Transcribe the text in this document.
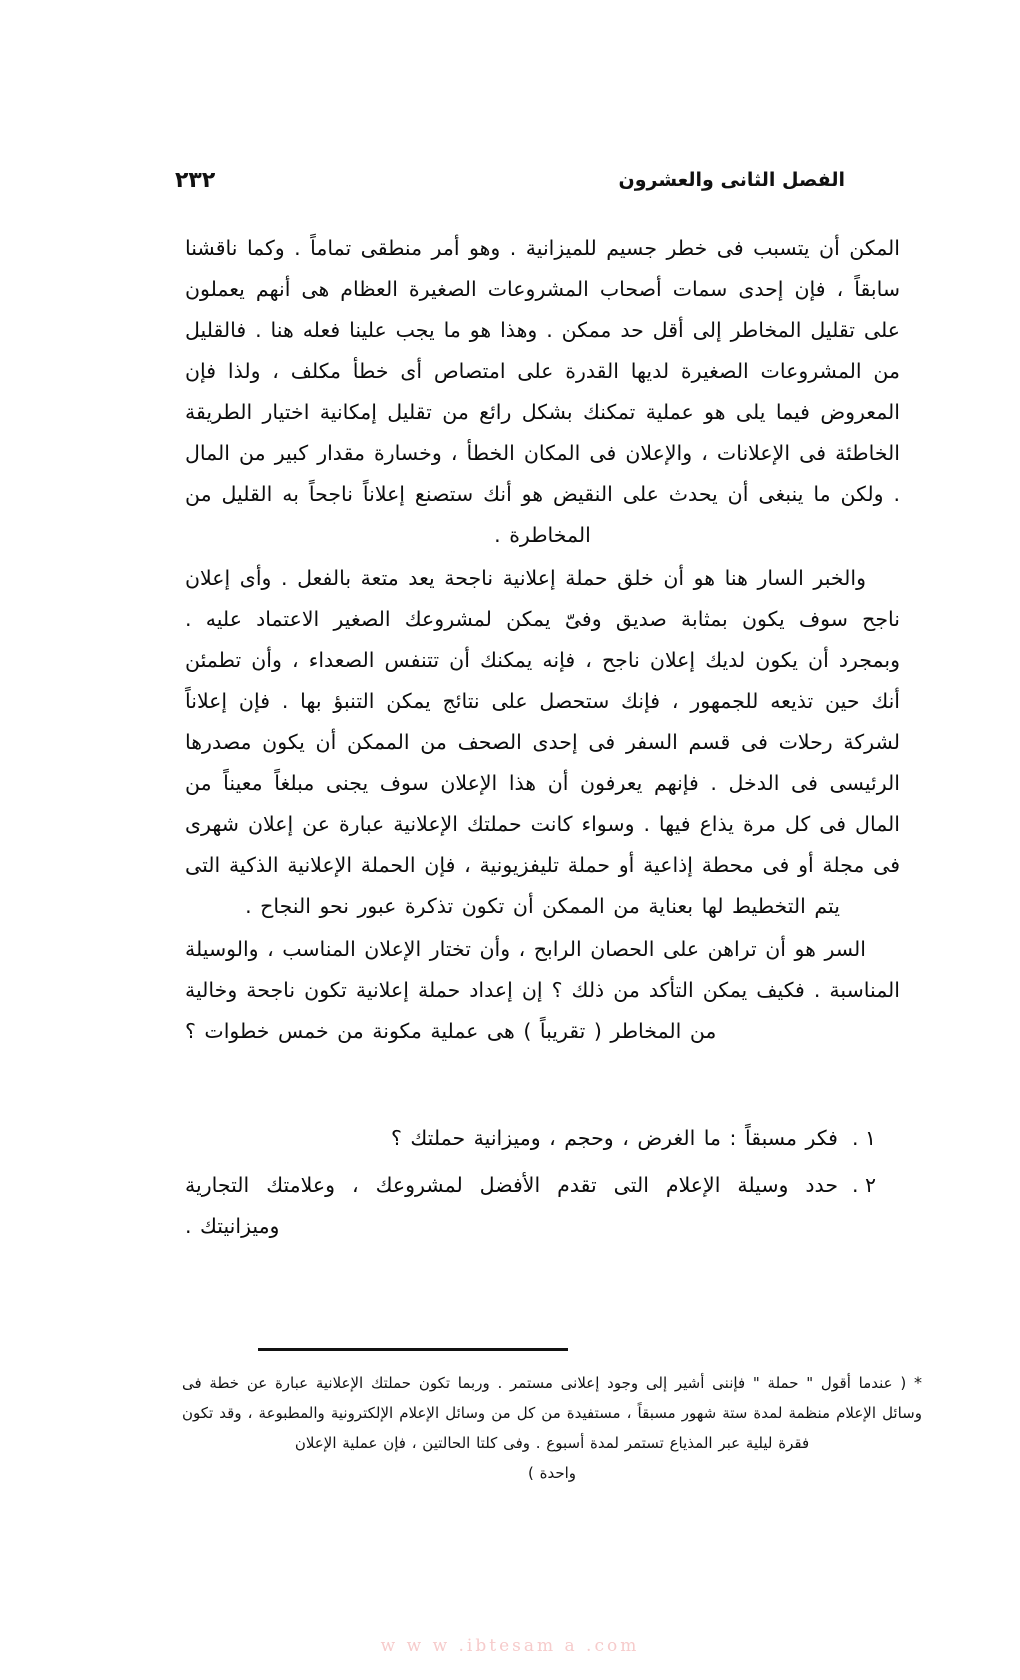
٢٣٢	الفصل الثانى والعشرون

المكن أن يتسبب فى خطر جسيم للميزانية . وهو أمر منطقى تماماً . وكما ناقشنا سابقاً ، فإن إحدى سمات أصحاب المشروعات الصغيرة العظام هى أنهم يعملون على تقليل المخاطر إلى أقل حد ممكن . وهذا هو ما يجب علينا فعله هنا . فالقليل من المشروعات الصغيرة لديها القدرة على امتصاص أى خطأ مكلف ، ولذا فإن المعروض فيما يلى هو عملية تمكنك بشكل رائع من تقليل إمكانية اختيار الطريقة الخاطئة فى الإعلانات ، والإعلان فى المكان الخطأ ، وخسارة مقدار كبير من المال . ولكن ما ينبغى أن يحدث على النقيض هو أنك ستصنع إعلاناً ناجحاً به القليل من المخاطرة .

والخبر السار هنا هو أن خلق حملة إعلانية ناجحة يعد متعة بالفعل . وأى إعلان ناجح سوف يكون بمثابة صديق وفىّ يمكن لمشروعك الصغير الاعتماد عليه . وبمجرد أن يكون لديك إعلان ناجح ، فإنه يمكنك أن تتنفس الصعداء ، وأن تطمئن أنك حين تذيعه للجمهور ، فإنك ستحصل على نتائج يمكن التنبؤ بها . فإن إعلاناً لشركة رحلات فى قسم السفر فى إحدى الصحف من الممكن أن يكون مصدرها الرئيسى فى الدخل . فإنهم يعرفون أن هذا الإعلان سوف يجنى مبلغاً معيناً من المال فى كل مرة يذاع فيها . وسواء كانت حملتك الإعلانية عبارة عن إعلان شهرى فى مجلة أو فى محطة إذاعية أو حملة تليفزيونية ، فإن الحملة الإعلانية الذكية التى يتم التخطيط لها بعناية من الممكن أن تكون تذكرة عبور نحو النجاح .

السر هو أن تراهن على الحصان الرابح ، وأن تختار الإعلان المناسب ، والوسيلة المناسبة . فكيف يمكن التأكد من ذلك ؟ إن إعداد حملة إعلانية تكون ناجحة وخالية من المخاطر ( تقريباً ) هى عملية مكونة من خمس خطوات ؟

١ .
فكر مسبقاً : ما الغرض ، وحجم ، وميزانية حملتك ؟
٢ .
حدد وسيلة الإعلام التى تقدم الأفضل لمشروعك ، وعلامتك التجارية وميزانيتك .
* ( عندما أقول " حملة " فإننى أشير إلى وجود إعلانى مستمر . وربما تكون حملتك الإعلانية عبارة عن خطة فى وسائل الإعلام منظمة لمدة ستة شهور مسبقاً ، مستفيدة من كل من وسائل الإعلام الإلكترونية والمطبوعة ، وقد تكون فقرة ليلية عبر المذياع تستمر لمدة أسبوع . وفى كلتا الحالتين ، فإن عملية الإعلان
واحدة )
w w w .ibtesam a .com
